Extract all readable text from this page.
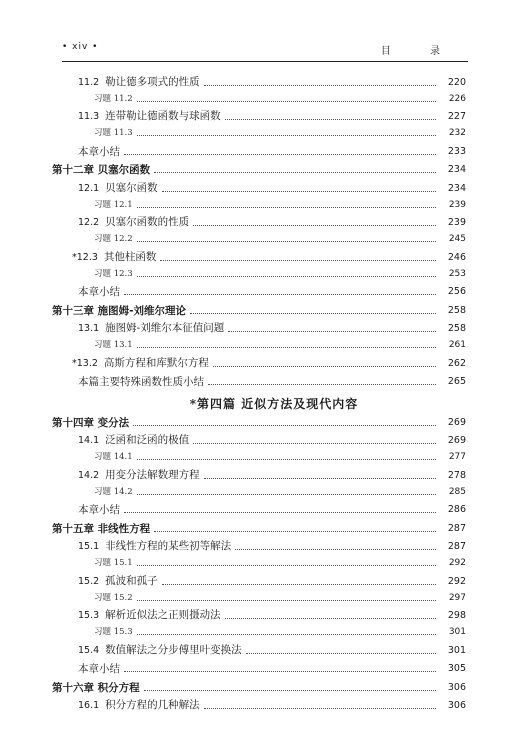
• xiv •	目 录
11.2 勒让德多项式的性质	220
习题 11.2	226
11.3 连带勒让德函数与球函数	227
习题 11.3	232
本章小结	233
第十二章 贝塞尔函数	234
12.1 贝塞尔函数	234
习题 12.1	239
12.2 贝塞尔函数的性质	239
习题 12.2	245
*12.3 其他柱函数	246
习题 12.3	253
本章小结	256
第十三章 施图姆-刘维尔理论	258
13.1 施图姆-刘维尔本征值问题	258
习题 13.1	261
*13.2 高斯方程和库默尔方程	262
本篇主要特殊函数性质小结	265
*第四篇 近似方法及现代内容
第十四章 变分法	269
14.1 泛函和泛函的极值	269
习题 14.1	277
14.2 用变分法解数理方程	278
习题 14.2	285
本章小结	286
第十五章 非线性方程	287
15.1 非线性方程的某些初等解法	287
习题 15.1	292
15.2 孤波和孤子	292
习题 15.2	297
15.3 解析近似法之正则摄动法	298
习题 15.3	301
15.4 数值解法之分步傅里叶变换法	301
本章小结	305
第十六章 积分方程	306
16.1 积分方程的几种解法	306
